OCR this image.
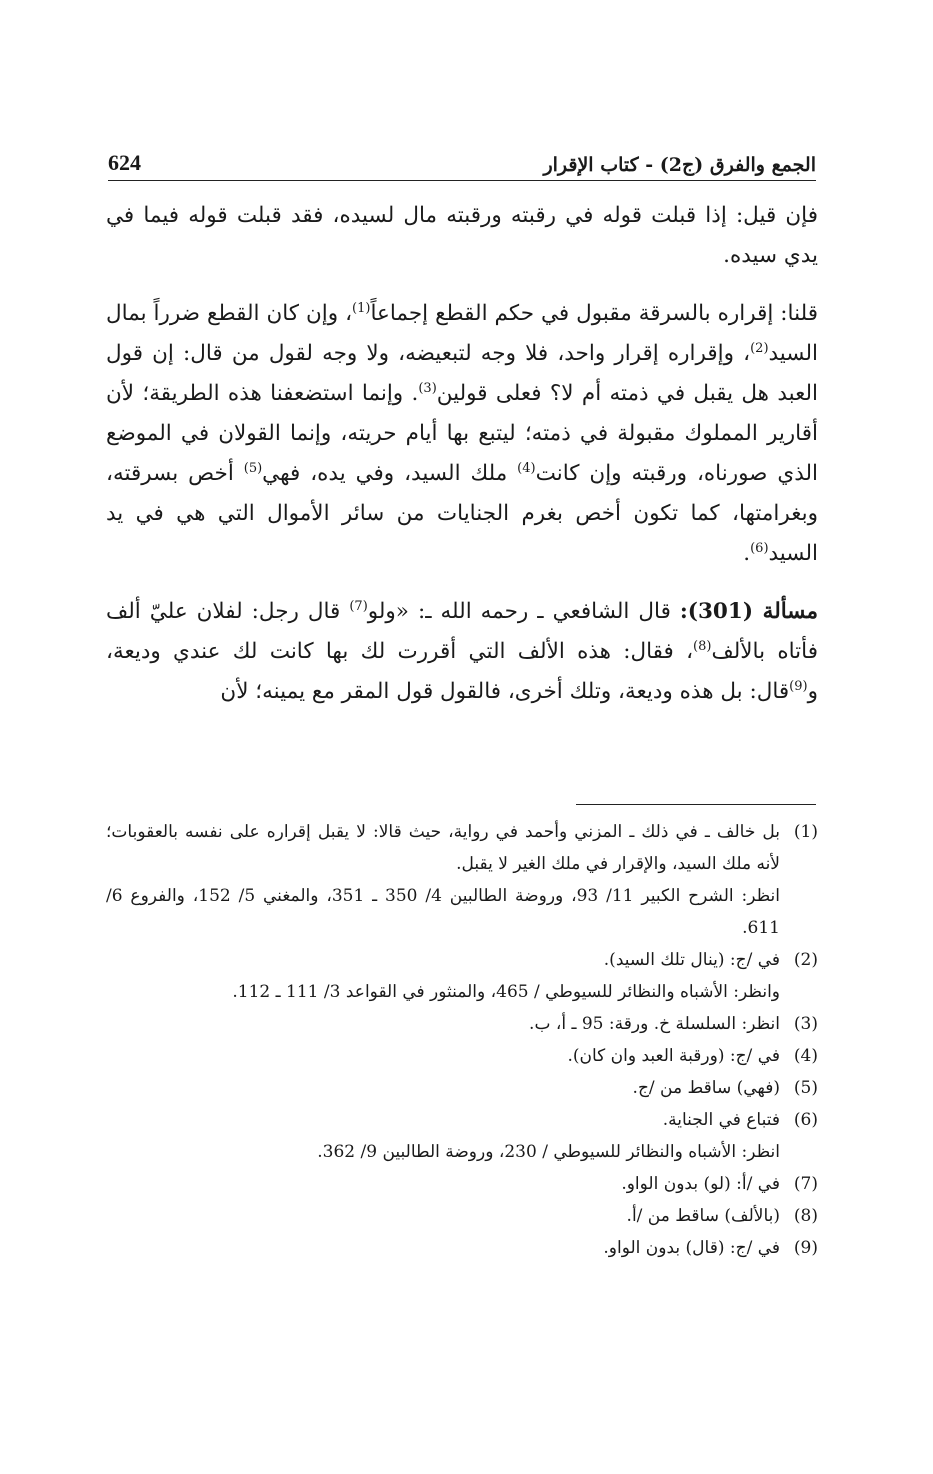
الجمع والفرق (ج2) - كتاب الإقرار
624

فإن قيل: إذا قبلت قوله في رقبته ورقبته مال لسيده، فقد قبلت قوله فيما في يدي سيده.

قلنا: إقراره بالسرقة مقبول في حكم القطع إجماعاً$^{(1)}$، وإن كان القطع ضرراً بمال السيد$^{(2)}$، وإقراره إقرار واحد، فلا وجه لتبعيضه، ولا وجه لقول من قال: إن قول العبد هل يقبل في ذمته أم لا؟ فعلى قولين$^{(3)}$. وإنما استضعفنا هذه الطريقة؛ لأن أقارير المملوك مقبولة في ذمته؛ ليتبع بها أيام حريته، وإنما القولان في الموضع الذي صورناه، ورقبته وإن كانت$^{(4)}$ ملك السيد، وفي يده، فهي$^{(5)}$ أخص بسرقته، وبغرامتها، كما تكون أخص بغرم الجنايات من سائر الأموال التي هي في يد السيد$^{(6)}$.

مسألة (301): قال الشافعي ـ رحمه الله ـ: «ولو$^{(7)}$ قال رجل: لفلان عليّ ألف فأتاه بالألف$^{(8)}$، فقال: هذه الألف التي أقررت لك بها كانت لك عندي وديعة، و$^{(9)}$قال: بل هذه وديعة، وتلك أخرى، فالقول قول المقر مع يمينه؛ لأن

(1)
بل خالف ـ في ذلك ـ المزني وأحمد في رواية، حيث قالا: لا يقبل إقراره على نفسه بالعقوبات؛ لأنه ملك السيد، والإقرار في ملك الغير لا يقبل.
انظر: الشرح الكبير 11/ 93، وروضة الطالبين 4/ 350 ـ 351، والمغني 5/ 152، والفروع 6/ 611.
(2)
في /ج: (ينال تلك السيد).
وانظر: الأشباه والنظائر للسيوطي / 465، والمنثور في القواعد 3/ 111 ـ 112.
(3)
انظر: السلسلة خ. ورقة: 95 ـ أ، ب.
(4)
في /ج: (ورقبة العبد وان كان).
(5)
(فهي) ساقط من /ج.
(6)
فتباع في الجناية.
انظر: الأشباه والنظائر للسيوطي / 230، وروضة الطالبين 9/ 362.
(7)
في /أ: (لو) بدون الواو.
(8)
(بالألف) ساقط من /أ.
(9)
في /ج: (قال) بدون الواو.
